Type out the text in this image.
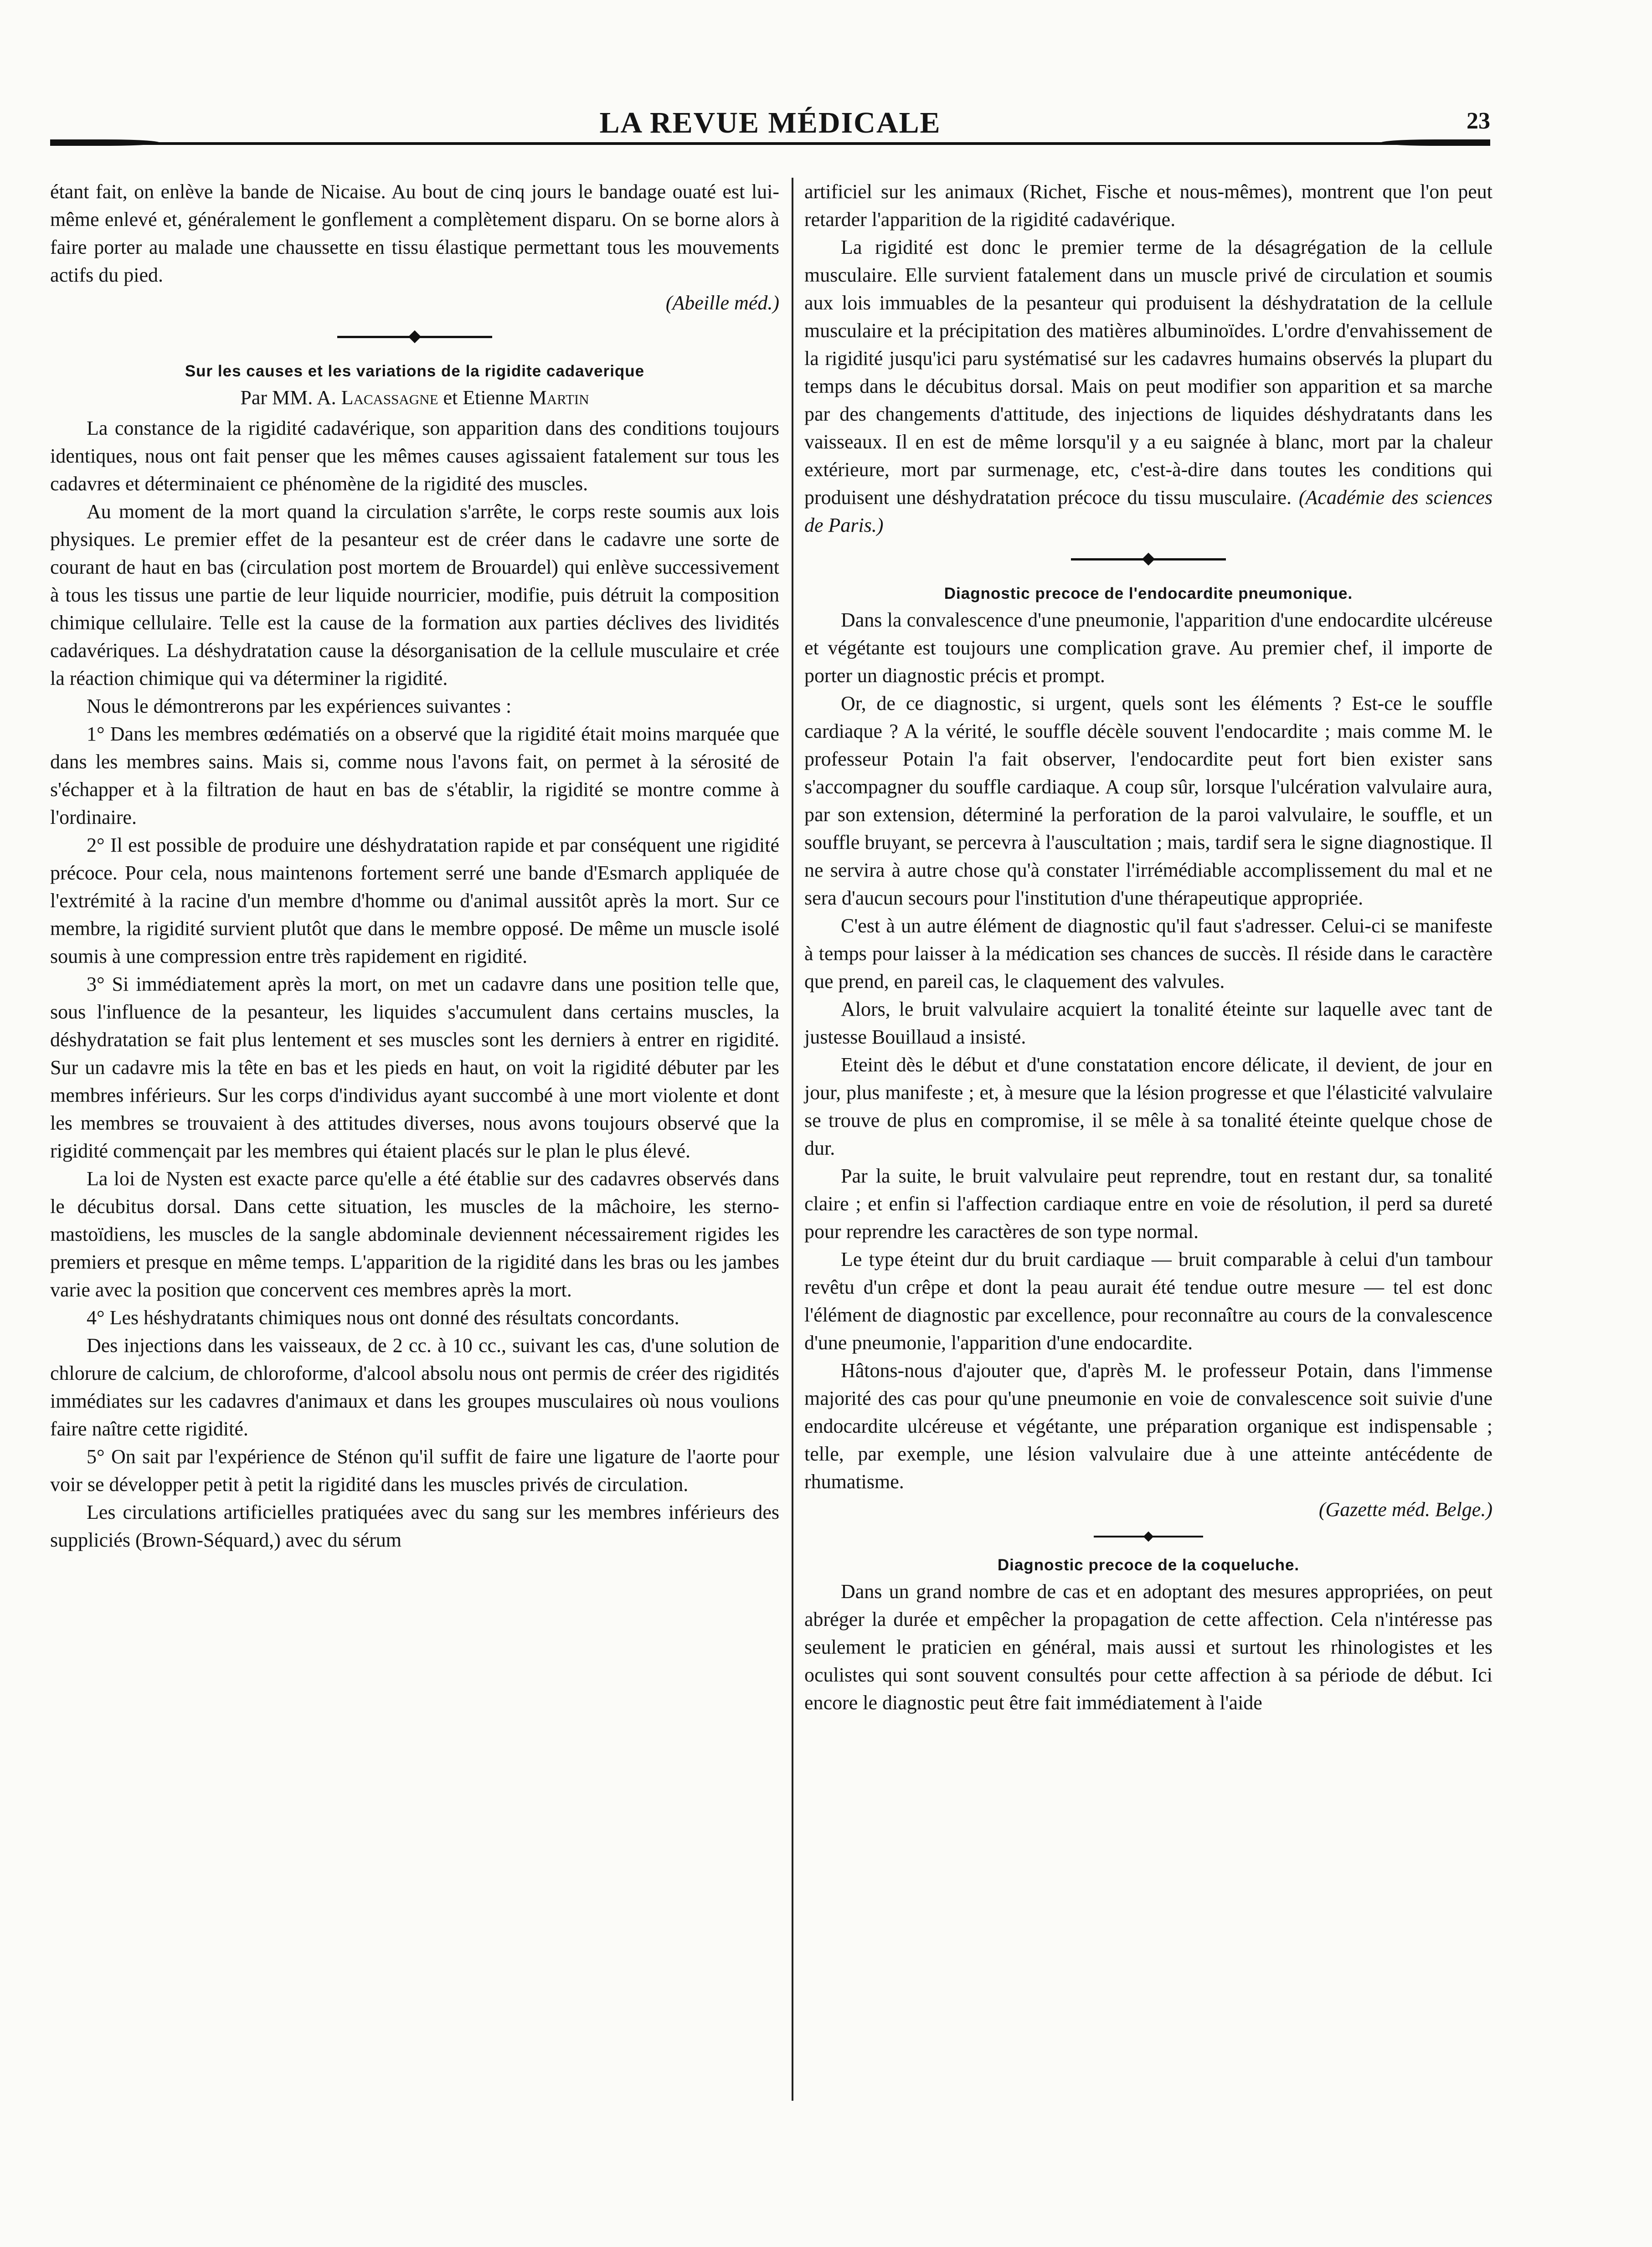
LA REVUE MÉDICALE	23

étant fait, on enlève la bande de Nicaise. Au bout de cinq jours le bandage ouaté est lui-même enlevé et, généralement le gonflement a complètement disparu. On se borne alors à faire porter au malade une chaussette en tissu élastique permettant tous les mouvements actifs du pied.

(Abeille méd.)

Sur les causes et les variations de la rigidite cadaverique

Par MM. A. Lacassagne et Etienne Martin

La constance de la rigidité cadavérique, son apparition dans des conditions toujours identiques, nous ont fait penser que les mêmes causes agissaient fatalement sur tous les cadavres et déterminaient ce phénomène de la rigidité des muscles.

Au moment de la mort quand la circulation s'arrête, le corps reste soumis aux lois physiques. Le premier effet de la pesanteur est de créer dans le cadavre une sorte de courant de haut en bas (circulation post mortem de Brouardel) qui enlève successivement à tous les tissus une partie de leur liquide nourricier, modifie, puis détruit la composition chimique cellulaire. Telle est la cause de la formation aux parties déclives des lividités cadavériques. La déshydratation cause la désorganisation de la cellule musculaire et crée la réaction chimique qui va déterminer la rigidité.

Nous le démontrerons par les expériences suivantes :

1° Dans les membres œdématiés on a observé que la rigidité était moins marquée que dans les membres sains. Mais si, comme nous l'avons fait, on permet à la sérosité de s'échapper et à la filtration de haut en bas de s'établir, la rigidité se montre comme à l'ordinaire.

2° Il est possible de produire une déshydratation rapide et par conséquent une rigidité précoce. Pour cela, nous maintenons fortement serré une bande d'Esmarch appliquée de l'extrémité à la racine d'un membre d'homme ou d'animal aussitôt après la mort. Sur ce membre, la rigidité survient plutôt que dans le membre opposé. De même un muscle isolé soumis à une compression entre très rapidement en rigidité.

3° Si immédiatement après la mort, on met un cadavre dans une position telle que, sous l'influence de la pesanteur, les liquides s'accumulent dans certains muscles, la déshydratation se fait plus lentement et ses muscles sont les derniers à entrer en rigidité. Sur un cadavre mis la tête en bas et les pieds en haut, on voit la rigidité débuter par les membres inférieurs. Sur les corps d'individus ayant succombé à une mort violente et dont les membres se trouvaient à des attitudes diverses, nous avons toujours observé que la rigidité commençait par les membres qui étaient placés sur le plan le plus élevé.

La loi de Nysten est exacte parce qu'elle a été établie sur des cadavres observés dans le décubitus dorsal. Dans cette situation, les muscles de la mâchoire, les sterno-mastoïdiens, les muscles de la sangle abdominale deviennent nécessairement rigides les premiers et presque en même temps. L'apparition de la rigidité dans les bras ou les jambes varie avec la position que concervent ces membres après la mort.

4° Les héshydratants chimiques nous ont donné des résultats concordants.

Des injections dans les vaisseaux, de 2 cc. à 10 cc., suivant les cas, d'une solution de chlorure de calcium, de chloroforme, d'alcool absolu nous ont permis de créer des rigidités immédiates sur les cadavres d'animaux et dans les groupes musculaires où nous voulions faire naître cette rigidité.

5° On sait par l'expérience de Sténon qu'il suffit de faire une ligature de l'aorte pour voir se développer petit à petit la rigidité dans les muscles privés de circulation.

Les circulations artificielles pratiquées avec du sang sur les membres inférieurs des suppliciés (Brown-Séquard,) avec du sérum

artificiel sur les animaux (Richet, Fische et nous-mêmes), montrent que l'on peut retarder l'apparition de la rigidité cadavérique.

La rigidité est donc le premier terme de la désagrégation de la cellule musculaire. Elle survient fatalement dans un muscle privé de circulation et soumis aux lois immuables de la pesanteur qui produisent la déshydratation de la cellule musculaire et la précipitation des matières albuminoïdes. L'ordre d'envahissement de la rigidité jusqu'ici paru systématisé sur les cadavres humains observés la plupart du temps dans le décubitus dorsal. Mais on peut modifier son apparition et sa marche par des changements d'attitude, des injections de liquides déshydratants dans les vaisseaux. Il en est de même lorsqu'il y a eu saignée à blanc, mort par la chaleur extérieure, mort par surmenage, etc, c'est-à-dire dans toutes les conditions qui produisent une déshydratation précoce du tissu musculaire. (Académie des sciences de Paris.)

Diagnostic precoce de l'endocardite pneumonique.

Dans la convalescence d'une pneumonie, l'apparition d'une endocardite ulcéreuse et végétante est toujours une complication grave. Au premier chef, il importe de porter un diagnostic précis et prompt.

Or, de ce diagnostic, si urgent, quels sont les éléments ? Est-ce le souffle cardiaque ? A la vérité, le souffle décèle souvent l'endocardite ; mais comme M. le professeur Potain l'a fait observer, l'endocardite peut fort bien exister sans s'accompagner du souffle cardiaque. A coup sûr, lorsque l'ulcération valvulaire aura, par son extension, déterminé la perforation de la paroi valvulaire, le souffle, et un souffle bruyant, se percevra à l'auscultation ; mais, tardif sera le signe diagnostique. Il ne servira à autre chose qu'à constater l'irrémédiable accomplissement du mal et ne sera d'aucun secours pour l'institution d'une thérapeutique appropriée.

C'est à un autre élément de diagnostic qu'il faut s'adresser. Celui-ci se manifeste à temps pour laisser à la médication ses chances de succès. Il réside dans le caractère que prend, en pareil cas, le claquement des valvules.

Alors, le bruit valvulaire acquiert la tonalité éteinte sur laquelle avec tant de justesse Bouillaud a insisté.

Eteint dès le début et d'une constatation encore délicate, il devient, de jour en jour, plus manifeste ; et, à mesure que la lésion progresse et que l'élasticité valvulaire se trouve de plus en compromise, il se mêle à sa tonalité éteinte quelque chose de dur.

Par la suite, le bruit valvulaire peut reprendre, tout en restant dur, sa tonalité claire ; et enfin si l'affection cardiaque entre en voie de résolution, il perd sa dureté pour reprendre les caractères de son type normal.

Le type éteint dur du bruit cardiaque — bruit comparable à celui d'un tambour revêtu d'un crêpe et dont la peau aurait été tendue outre mesure — tel est donc l'élément de diagnostic par excellence, pour reconnaître au cours de la convalescence d'une pneumonie, l'apparition d'une endocardite.

Hâtons-nous d'ajouter que, d'après M. le professeur Potain, dans l'immense majorité des cas pour qu'une pneumonie en voie de convalescence soit suivie d'une endocardite ulcéreuse et végétante, une préparation organique est indispensable ; telle, par exemple, une lésion valvulaire due à une atteinte antécédente de rhumatisme.

(Gazette méd. Belge.)

Diagnostic precoce de la coqueluche.

Dans un grand nombre de cas et en adoptant des mesures appropriées, on peut abréger la durée et empêcher la propagation de cette affection. Cela n'intéresse pas seulement le praticien en général, mais aussi et surtout les rhinologistes et les oculistes qui sont souvent consultés pour cette affection à sa période de début. Ici encore le diagnostic peut être fait immédiatement à l'aide
